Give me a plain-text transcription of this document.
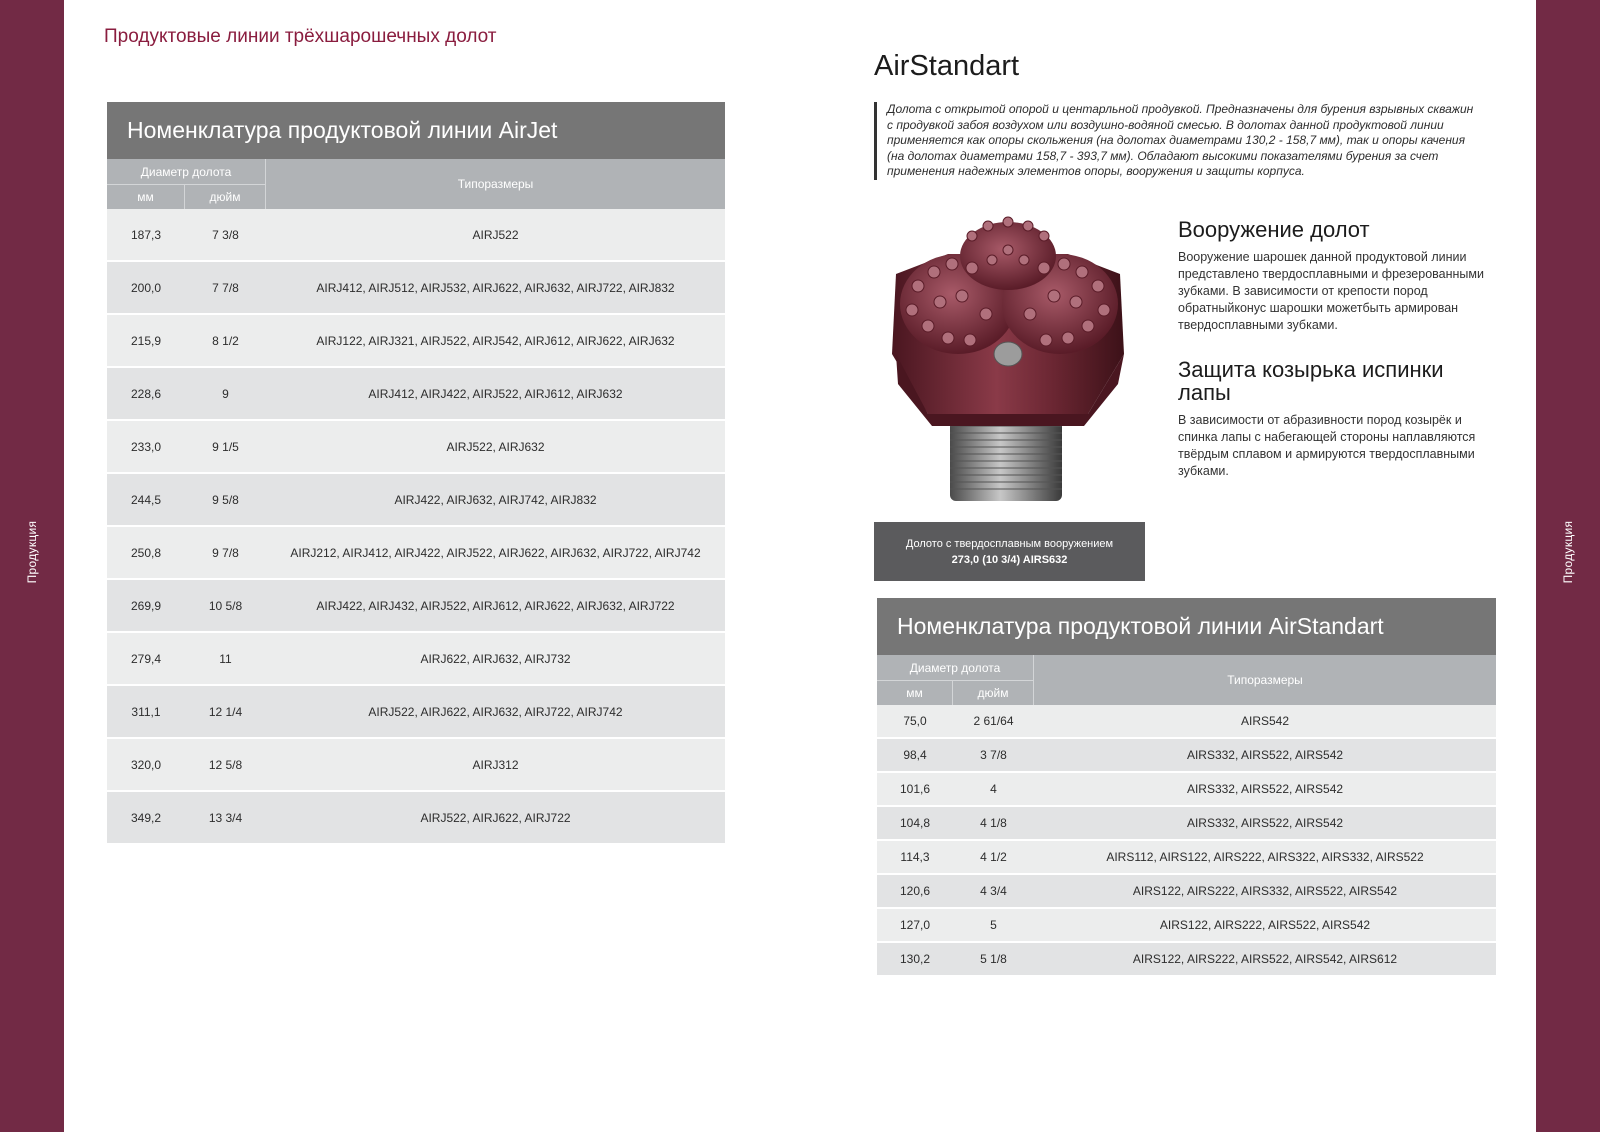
Продукция	Продукция
Продуктовые линии трёхшарошечных долот
Номенклатура продуктовой линии AirJet
Диаметр долота
мм	дюйм
Типоразмеры
187,3	7 3/8	AIRJ522
200,0	7 7/8	AIRJ412, AIRJ512, AIRJ532, AIRJ622, AIRJ632, AIRJ722, AIRJ832
215,9	8 1/2	AIRJ122, AIRJ321, AIRJ522, AIRJ542, AIRJ612, AIRJ622, AIRJ632
228,6	9	AIRJ412, AIRJ422, AIRJ522, AIRJ612, AIRJ632
233,0	9 1/5	AIRJ522, AIRJ632
244,5	9 5/8	AIRJ422, AIRJ632, AIRJ742, AIRJ832
250,8	9 7/8	AIRJ212, AIRJ412, AIRJ422, AIRJ522, AIRJ622, AIRJ632, AIRJ722, AIRJ742
269,9	10 5/8	AIRJ422, AIRJ432, AIRJ522, AIRJ612, AIRJ622, AIRJ632, AIRJ722
279,4	11	AIRJ622, AIRJ632, AIRJ732
311,1	12 1/4	AIRJ522, AIRJ622, AIRJ632, AIRJ722, AIRJ742
320,0	12 5/8	AIRJ312
349,2	13 3/4	AIRJ522, AIRJ622, AIRJ722
AirStandart
Долота с открытой опорой и центарльной продувкой. Предназначены для бурения взрывных скважин с продувкой забоя воздухом или воздушно-водяной смесью. В долотах данной продуктовой линии применяется как опоры скольжения (на долотах диаметрами 130,2 - 158,7 мм), так и опоры качения (на долотах диаметрами 158,7 - 393,7 мм). Обладают высокими показателями бурения за счет применения надежных элементов опоры, вооружения и защиты корпуса.
Вооружение долот

Вооружение шарошек данной продуктовой линии представлено твердосплавными и фрезерованными зубками. В зависимости от крепости пород обратныйконус шарошки можетбыть армирован твердосплавными зубками.

Защита козырька испинки лапы

В зависимости от абразивности пород козырёк и спинка лапы с набегающей стороны наплавляются твёрдым сплавом и армируются твердосплавными зубками.

Долото с твердосплавным вооружением
273,0 (10 3/4) AIRS632
Номенклатура продуктовой линии AirStandart
Диаметр долота
мм	дюйм
Типоразмеры
75,0	2 61/64	AIRS542
98,4	3 7/8	AIRS332, AIRS522, AIRS542
101,6	4	AIRS332, AIRS522, AIRS542
104,8	4 1/8	AIRS332, AIRS522, AIRS542
114,3	4 1/2	AIRS112, AIRS122, AIRS222, AIRS322, AIRS332, AIRS522
120,6	4 3/4	AIRS122, AIRS222, AIRS332, AIRS522, AIRS542
127,0	5	AIRS122, AIRS222, AIRS522, AIRS542
130,2	5 1/8	AIRS122, AIRS222, AIRS522, AIRS542, AIRS612
